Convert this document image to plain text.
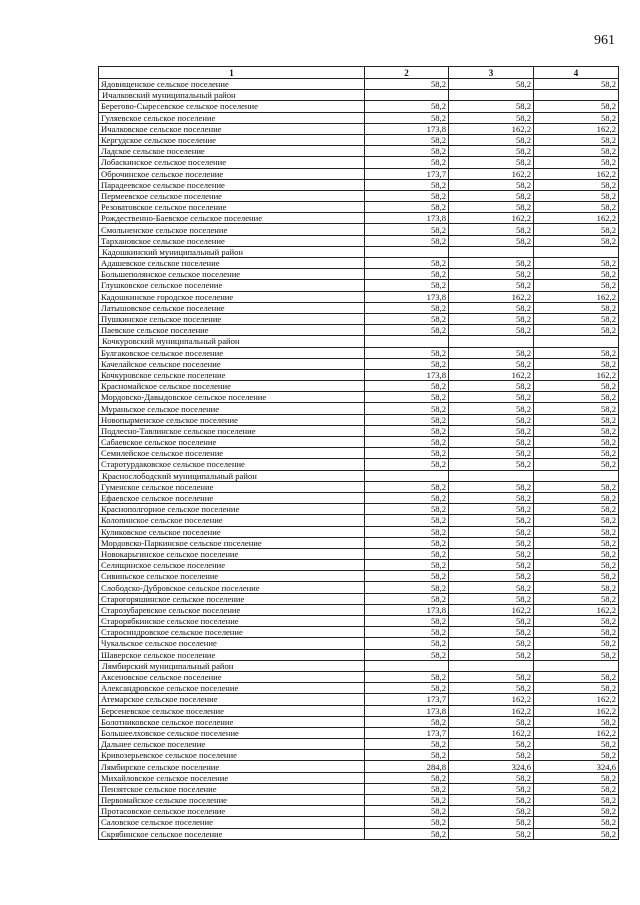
961
1	2	3	4
Ядовищенское сельское поселение	58,2	58,2	58,2
Ичалковский муниципальный район			
Берегово-Сыресевское сельское поселение	58,2	58,2	58,2
Гуляевское сельское поселение	58,2	58,2	58,2
Ичалковское сельское поселение	173,8	162,2	162,2
Кергудское сельское поселение	58,2	58,2	58,2
Ладское сельское поселение	58,2	58,2	58,2
Лобаскинское сельское поселение	58,2	58,2	58,2
Оброчинское сельское поселение	173,7	162,2	162,2
Парадеевское сельское поселение	58,2	58,2	58,2
Пермеевское сельское поселение	58,2	58,2	58,2
Резоватовское сельское поселение	58,2	58,2	58,2
Рождественно-Баевское сельское поселение	173,8	162,2	162,2
Смольненское сельское поселение	58,2	58,2	58,2
Тархановское сельское поселение	58,2	58,2	58,2
Кадошкинский муниципальный район			
Адашевское сельское поселение	58,2	58,2	58,2
Большеполянское сельское поселение	58,2	58,2	58,2
Глушковское сельское поселение	58,2	58,2	58,2
Кадошкинское городское поселение	173,8	162,2	162,2
Латышовское сельское поселение	58,2	58,2	58,2
Пушкинское сельское поселение	58,2	58,2	58,2
Паевское сельское поселение	58,2	58,2	58,2
Кочкуровский муниципальный район			
Булгаковское сельское поселение	58,2	58,2	58,2
Качелайское сельское поселение	58,2	58,2	58,2
Кочкуровское сельское поселение	173,8	162,2	162,2
Красномайское сельское поселение	58,2	58,2	58,2
Мордовско-Давыдовское сельское поселение	58,2	58,2	58,2
Мураньское сельское поселение	58,2	58,2	58,2
Новопырменское сельское поселение	58,2	58,2	58,2
Подлесно-Тавлинское сельское поселение	58,2	58,2	58,2
Сабаевское сельское поселение	58,2	58,2	58,2
Семилейское сельское поселение	58,2	58,2	58,2
Старотурдаковское сельское поселение	58,2	58,2	58,2
Краснослободский муниципальный район			
Гуменское сельское поселение	58,2	58,2	58,2
Ефаевское сельское поселение	58,2	58,2	58,2
Краснополгорное сельское поселение	58,2	58,2	58,2
Колопинское сельское поселение	58,2	58,2	58,2
Куликовское сельское поселение	58,2	58,2	58,2
Мордовско-Паркинское сельское поселение	58,2	58,2	58,2
Новокарьгинское сельское поселение	58,2	58,2	58,2
Селищинское сельское поселение	58,2	58,2	58,2
Сивиньское сельское поселение	58,2	58,2	58,2
Слободско-Дубровское сельское поселение	58,2	58,2	58,2
Старогоряшинское сельское поселение	58,2	58,2	58,2
Старозубаревское сельское поселение	173,8	162,2	162,2
Старорябкинское сельское поселение	58,2	58,2	58,2
Старосиндровское сельское поселение	58,2	58,2	58,2
Чукальское сельское поселение	58,2	58,2	58,2
Шаверское сельское поселение	58,2	58,2	58,2
Лямбирский муниципальный район			
Аксеновское сельское поселение	58,2	58,2	58,2
Александровское сельское поселение	58,2	58,2	58,2
Атемарское сельское поселение	173,7	162,2	162,2
Берсеневское сельское поселение	173,8	162,2	162,2
Болотниковское сельское поселение	58,2	58,2	58,2
Большеелховское сельское поселение	173,7	162,2	162,2
Дальнее сельское поселение	58,2	58,2	58,2
Кривозерьевское сельское поселение	58,2	58,2	58,2
Лямбирское сельское поселение	284,8	324,6	324,6
Михайловское сельское поселение	58,2	58,2	58,2
Пензятское сельское поселение	58,2	58,2	58,2
Первомайское сельское поселение	58,2	58,2	58,2
Протасовское сельское поселение	58,2	58,2	58,2
Саловское сельское поселение	58,2	58,2	58,2
Скрябинское сельское поселение	58,2	58,2	58,2
